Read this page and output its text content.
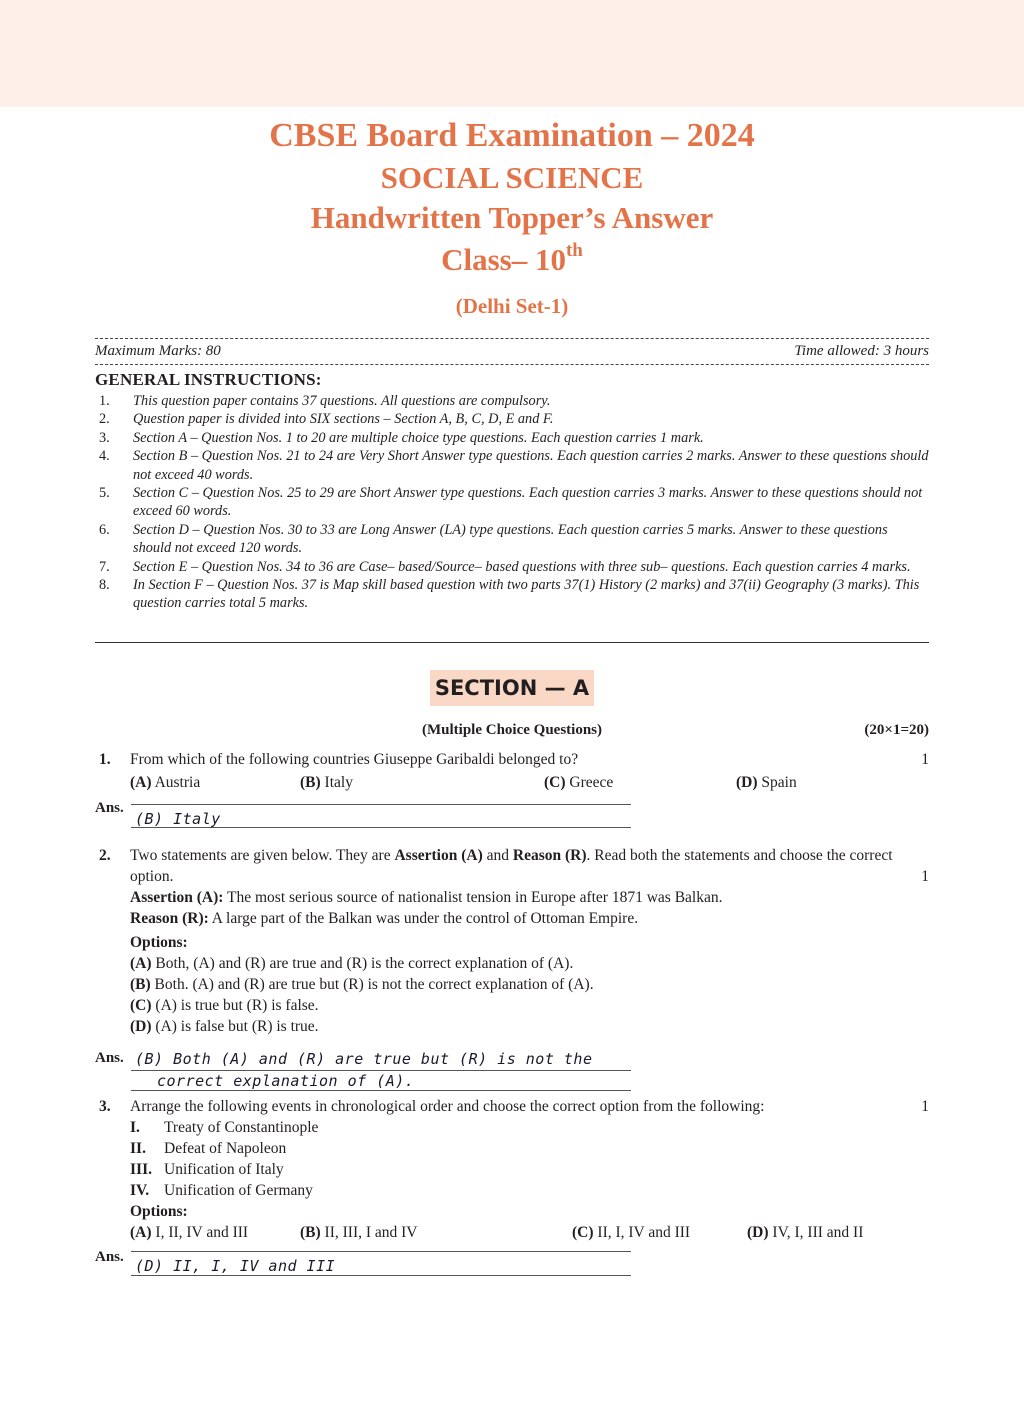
CBSE Board Examination – 2024
SOCIAL SCIENCE
Handwritten Topper’s Answer
Class– 10th
(Delhi Set-1)
Maximum Marks: 80	Time allowed: 3 hours
GENERAL INSTRUCTIONS:
1.	This question paper contains 37 questions. All questions are compulsory.
2.	Question paper is divided into SIX sections – Section A, B, C, D, E and F.
3.	Section A – Question Nos. 1 to 20 are multiple choice type questions. Each question carries 1 mark.
4.	Section B – Question Nos. 21 to 24 are Very Short Answer type questions. Each question carries 2 marks. Answer to these questions should not exceed 40 words.
5.	Section C – Question Nos. 25 to 29 are Short Answer type questions. Each question carries 3 marks. Answer to these questions should not exceed 60 words.
6.	Section D – Question Nos. 30 to 33 are Long Answer (LA) type questions. Each question carries 5 marks. Answer to these questions should not exceed 120 words.
7.	Section E – Question Nos. 34 to 36 are Case– based/Source– based questions with three sub– questions. Each question carries 4 marks.
8.	In Section F – Question Nos. 37 is Map skill based question with two parts 37(1) History (2 marks) and 37(ii) Geography (3 marks). This question carries total 5 marks.
SECTION — A
(Multiple Choice Questions)	(20×1=20)
1.	1
From which of the following countries Giuseppe Garibaldi belonged to?
(A) Austria	(B) Italy	(C) Greece	(D) Spain
Ans.
(B) Italy
2. Two statements are given below. They are Assertion (A) and Reason (R). Read both the statements and choose the correct option.	1
Assertion (A): The most serious source of nationalist tension in Europe after 1871 was Balkan.
Reason (R): A large part of the Balkan was under the control of Ottoman Empire.
Options:
(A) Both, (A) and (R) are true and (R) is the correct explanation of (A).
(B) Both. (A) and (R) are true but (R) is not the correct explanation of (A).
(C) (A) is true but (R) is false.
(D) (A) is false but (R) is true.
Ans. (B) Both (A) and (R) are true but (R) is not the
correct explanation of (A).
3.	1
Arrange the following events in chronological order and choose the correct option from the following:
I.	Treaty of Constantinople
II.	Defeat of Napoleon
III. Unification of Italy
IV. Unification of Germany
Options:
(A) I, II, IV and III	(B) II, III, I and IV	(C) II, I, IV and III	(D) IV, I, III and II
Ans. (D) II, I, IV and III
